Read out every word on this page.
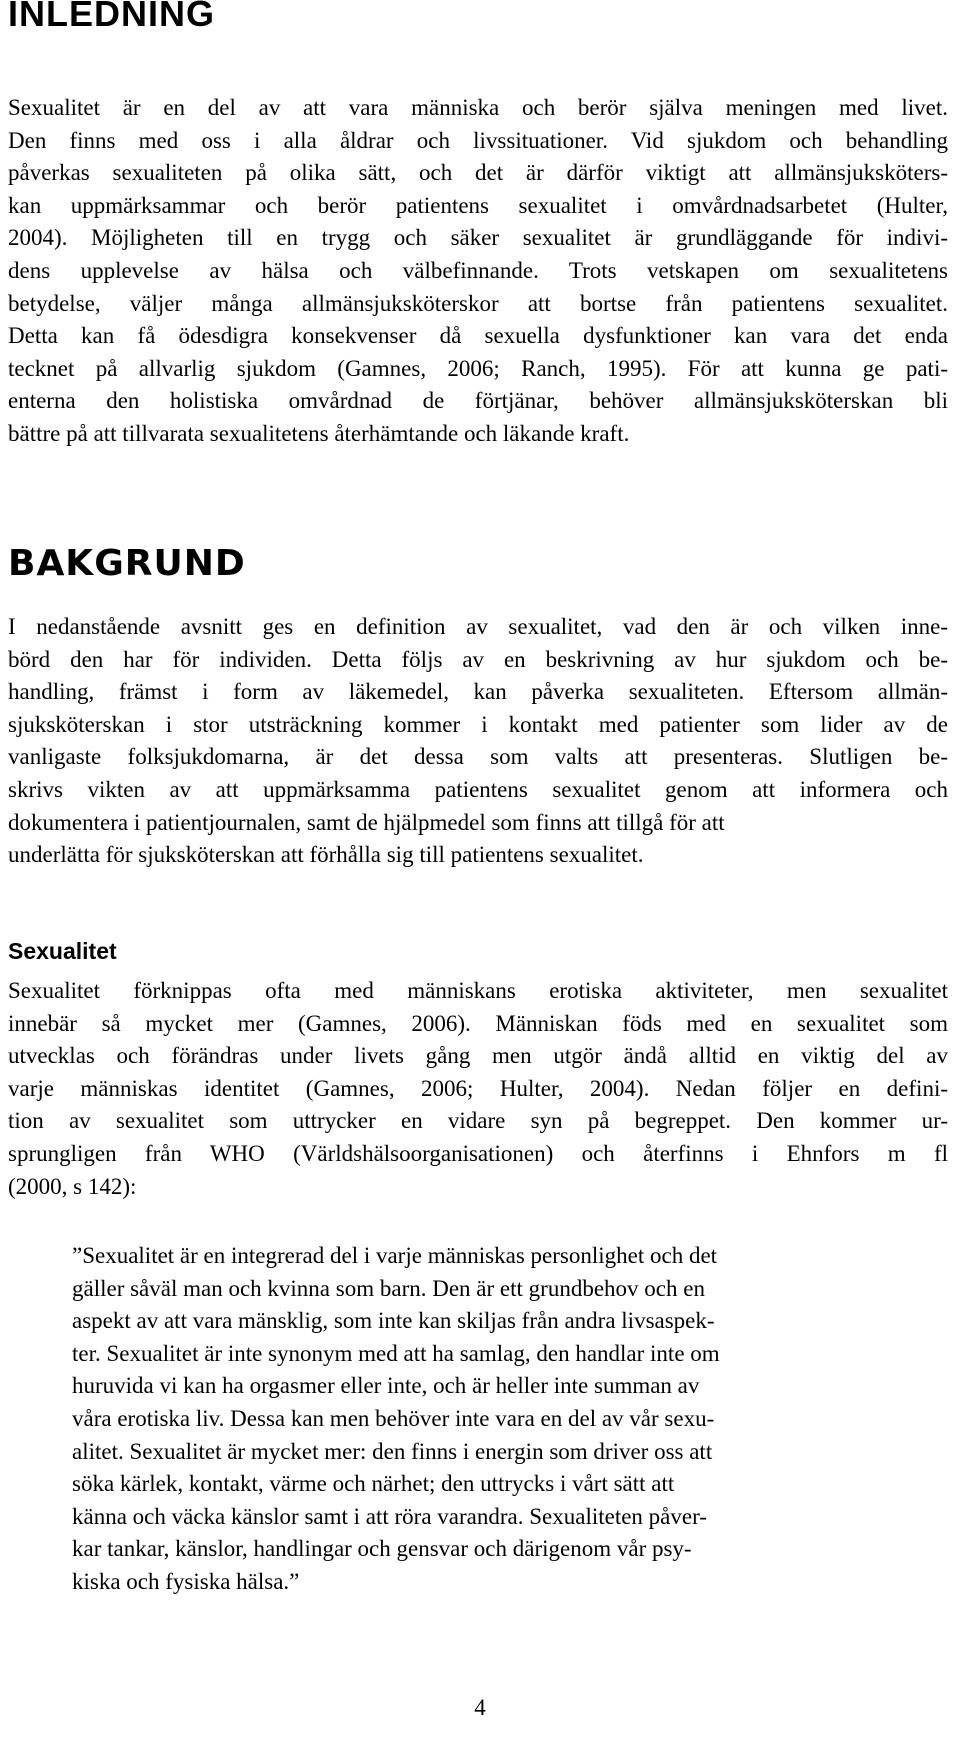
INLEDNING

Sexualitet är en del av att vara människa och berör själva meningen med livet.
Den finns med oss i alla åldrar och livssituationer. Vid sjukdom och behandling
påverkas sexualiteten på olika sätt, och det är därför viktigt att allmänsjuksköters-
kan uppmärksammar och berör patientens sexualitet i omvårdnadsarbetet (Hulter,
2004). Möjligheten till en trygg och säker sexualitet är grundläggande för indivi-
dens upplevelse av hälsa och välbefinnande. Trots vetskapen om sexualitetens
betydelse, väljer många allmänsjuksköterskor att bortse från patientens sexualitet.
Detta kan få ödesdigra konsekvenser då sexuella dysfunktioner kan vara det enda
tecknet på allvarlig sjukdom (Gamnes, 2006; Ranch, 1995). För att kunna ge pati-
enterna den holistiska omvårdnad de förtjänar, behöver allmänsjuksköterskan bli
bättre på att tillvarata sexualitetens återhämtande och läkande kraft.

BAKGRUND

I nedanstående avsnitt ges en definition av sexualitet, vad den är och vilken inne-
börd den har för individen. Detta följs av en beskrivning av hur sjukdom och be-
handling, främst i form av läkemedel, kan påverka sexualiteten. Eftersom allmän-
sjuksköterskan i stor utsträckning kommer i kontakt med patienter som lider av de
vanligaste folksjukdomarna, är det dessa som valts att presenteras. Slutligen be-
skrivs vikten av att uppmärksamma patientens sexualitet genom att informera och
dokumentera i patientjournalen, samt de hjälpmedel som finns att tillgå för att
underlätta för sjuksköterskan att förhålla sig till patientens sexualitet.

Sexualitet

Sexualitet förknippas ofta med människans erotiska aktiviteter, men sexualitet
innebär så mycket mer (Gamnes, 2006). Människan föds med en sexualitet som
utvecklas och förändras under livets gång men utgör ändå alltid en viktig del av
varje människas identitet (Gamnes, 2006; Hulter, 2004). Nedan följer en defini-
tion av sexualitet som uttrycker en vidare syn på begreppet. Den kommer ur-
sprungligen från WHO (Världshälsoorganisationen) och återfinns i Ehnfors m fl
(2000, s 142):

”Sexualitet är en integrerad del i varje människas personlighet och det
gäller såväl man och kvinna som barn. Den är ett grundbehov och en
aspekt av att vara mänsklig, som inte kan skiljas från andra livsaspek-
ter. Sexualitet är inte synonym med att ha samlag, den handlar inte om
huruvida vi kan ha orgasmer eller inte, och är heller inte summan av
våra erotiska liv. Dessa kan men behöver inte vara en del av vår sexu-
alitet. Sexualitet är mycket mer: den finns i energin som driver oss att
söka kärlek, kontakt, värme och närhet; den uttrycks i vårt sätt att
känna och väcka känslor samt i att röra varandra. Sexualiteten påver-
kar tankar, känslor, handlingar och gensvar och därigenom vår psy-
kiska och fysiska hälsa.”

4
